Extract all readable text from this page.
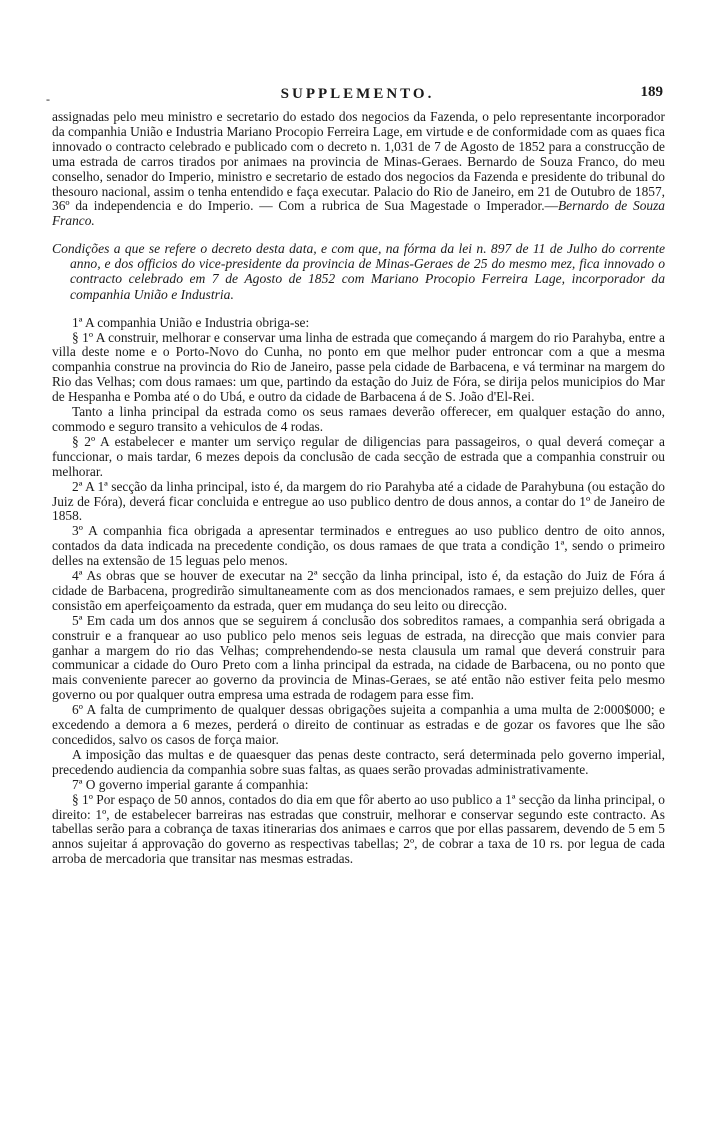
-	SUPPLEMENTO.	189

assignadas pelo meu ministro e secretario do estado dos negocios da Fazenda, o pelo representante incorporador da companhia União e Industria Mariano Procopio Ferreira Lage, em virtude e de conformidade com as quaes fica innovado o contracto celebrado e publicado com o decreto n. 1,031 de 7 de Agosto de 1852 para a construcção de uma estrada de carros tirados por animaes na provincia de Minas-Geraes. Bernardo de Souza Franco, do meu conselho, senador do Imperio, ministro e secretario de estado dos negocios da Fazenda e presidente do tribunal do thesouro nacional, assim o tenha entendido e faça executar. Palacio do Rio de Janeiro, em 21 de Outubro de 1857, 36º da independencia e do Imperio. — Com a rubrica de Sua Magestade o Imperador.—Bernardo de Souza Franco.

Condições a que se refere o decreto desta data, e com que, na fórma da lei n. 897 de 11 de Julho do corrente anno, e dos officios do vice-presidente da provincia de Minas-Geraes de 25 do mesmo mez, fica innovado o contracto celebrado em 7 de Agosto de 1852 com Mariano Procopio Ferreira Lage, incorporador da companhia União e Industria.

1ª A companhia União e Industria obriga-se:

§ 1º A construir, melhorar e conservar uma linha de estrada que começando á margem do rio Parahyba, entre a villa deste nome e o Porto-Novo do Cunha, no ponto em que melhor puder entroncar com a que a mesma companhia construe na provincia do Rio de Janeiro, passe pela cidade de Barbacena, e vá terminar na margem do Rio das Velhas; com dous ramaes: um que, partindo da estação do Juiz de Fóra, se dirija pelos municipios do Mar de Hespanha e Pomba até o do Ubá, e outro da cidade de Barbacena á de S. João d'El-Rei.

Tanto a linha principal da estrada como os seus ramaes deverão offerecer, em qualquer estação do anno, commodo e seguro transito a vehiculos de 4 rodas.

§ 2º A estabelecer e manter um serviço regular de diligencias para passageiros, o qual deverá começar a funccionar, o mais tardar, 6 mezes depois da conclusão de cada secção de estrada que a companhia construir ou melhorar.

2ª A 1ª secção da linha principal, isto é, da margem do rio Parahyba até a cidade de Parahybuna (ou estação do Juiz de Fóra), deverá ficar concluida e entregue ao uso publico dentro de dous annos, a contar do 1º de Janeiro de 1858.

3º A companhia fica obrigada a apresentar terminados e entregues ao uso publico dentro de oito annos, contados da data indicada na precedente condição, os dous ramaes de que trata a condição 1ª, sendo o primeiro delles na extensão de 15 leguas pelo menos.

4ª As obras que se houver de executar na 2ª secção da linha principal, isto é, da estação do Juiz de Fóra á cidade de Barbacena, progredirão simultaneamente com as dos mencionados ramaes, e sem prejuizo delles, quer consistão em aperfeiçoamento da estrada, quer em mudança do seu leito ou direcção.

5ª Em cada um dos annos que se seguirem á conclusão dos sobreditos ramaes, a companhia será obrigada a construir e a franquear ao uso publico pelo menos seis leguas de estrada, na direcção que mais convier para ganhar a margem do rio das Velhas; comprehendendo-se nesta clausula um ramal que deverá construir para communicar a cidade do Ouro Preto com a linha principal da estrada, na cidade de Barbacena, ou no ponto que mais conveniente parecer ao governo da provincia de Minas-Geraes, se até então não estiver feita pelo mesmo governo ou por qualquer outra empresa uma estrada de rodagem para esse fim.

6º A falta de cumprimento de qualquer dessas obrigações sujeita a companhia a uma multa de 2:000$000; e excedendo a demora a 6 mezes, perderá o direito de continuar as estradas e de gozar os favores que lhe são concedidos, salvo os casos de força maior.

A imposição das multas e de quaesquer das penas deste contracto, será determinada pelo governo imperial, precedendo audiencia da companhia sobre suas faltas, as quaes serão provadas administrativamente.

7ª O governo imperial garante á companhia:

§ 1º Por espaço de 50 annos, contados do dia em que fôr aberto ao uso publico a 1ª secção da linha principal, o direito: 1º, de estabelecer barreiras nas estradas que construir, melhorar e conservar segundo este contracto. As tabellas serão para a cobrança de taxas itinerarias dos animaes e carros que por ellas passarem, devendo de 5 em 5 annos sujeitar á approvação do governo as respectivas tabellas; 2º, de cobrar a taxa de 10 rs. por legua de cada arroba de mercadoria que transitar nas mesmas estradas.
